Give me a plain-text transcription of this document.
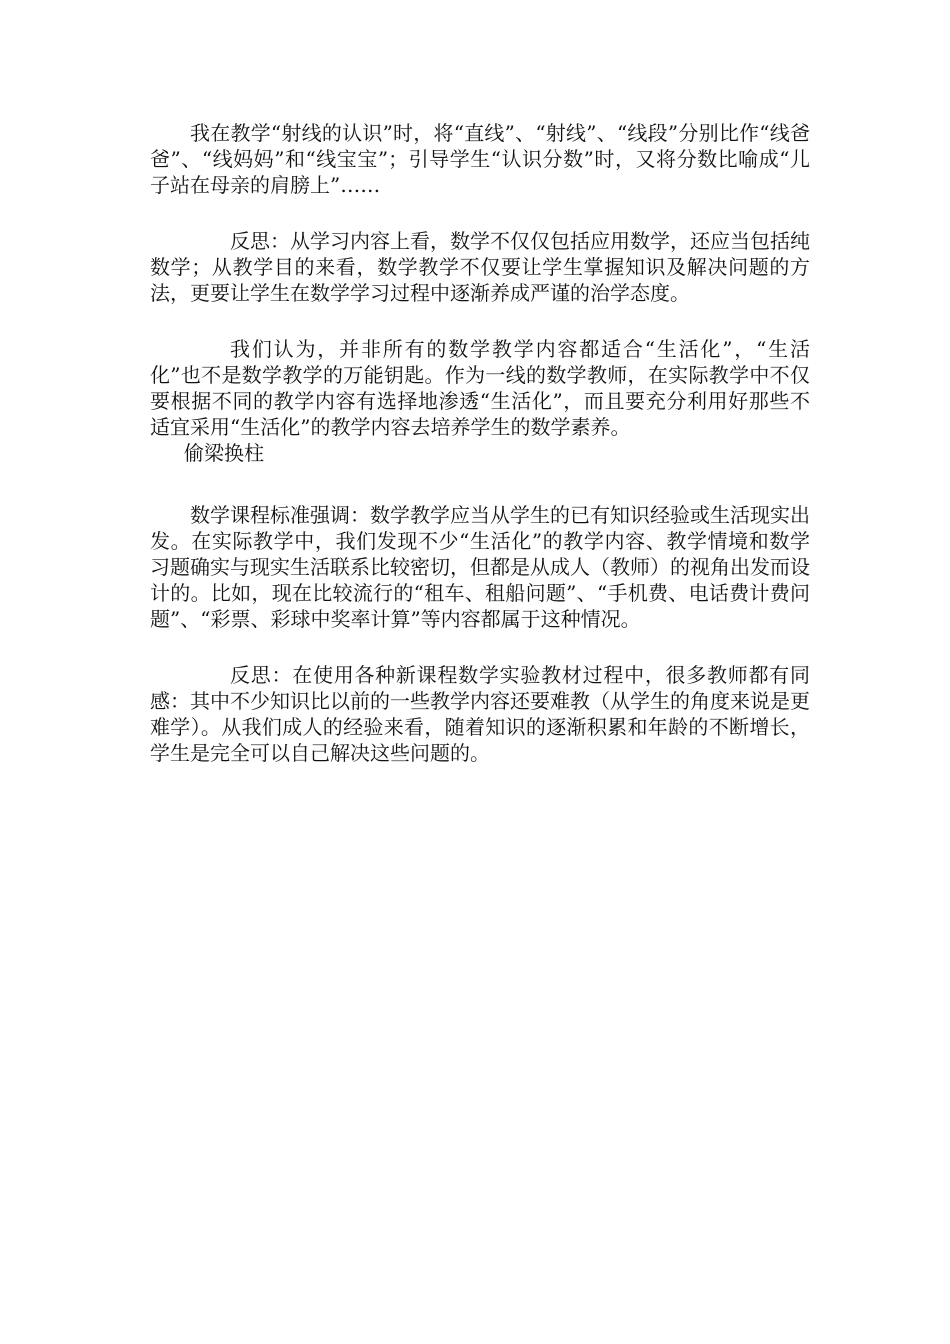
我在教学“射线的认识”时，将“直线”、“射线”、“线段”分别比作“线爸爸”、“线妈妈”和“线宝宝”；引导学生“认识分数”时，又将分数比喻成“儿子站在母亲的肩膀上”……

反思：从学习内容上看，数学不仅仅包括应用数学，还应当包括纯数学；从教学目的来看，数学教学不仅要让学生掌握知识及解决问题的方法，更要让学生在数学学习过程中逐渐养成严谨的治学态度。

我们认为，并非所有的数学教学内容都适合“生活化”，“生活化”也不是数学教学的万能钥匙。作为一线的数学教师，在实际教学中不仅要根据不同的教学内容有选择地渗透“生活化”，而且要充分利用好那些不适宜采用“生活化”的教学内容去培养学生的数学素养。

偷梁换柱

数学课程标准强调：数学教学应当从学生的已有知识经验或生活现实出发。在实际教学中，我们发现不少“生活化”的教学内容、教学情境和数学习题确实与现实生活联系比较密切，但都是从成人（教师）的视角出发而设计的。比如，现在比较流行的“租车、租船问题”、“手机费、电话费计费问题”、“彩票、彩球中奖率计算”等内容都属于这种情况。

反思：在使用各种新课程数学实验教材过程中，很多教师都有同感：其中不少知识比以前的一些教学内容还要难教（从学生的角度来说是更难学）。从我们成人的经验来看，随着知识的逐渐积累和年龄的不断增长，学生是完全可以自己解决这些问题的。
